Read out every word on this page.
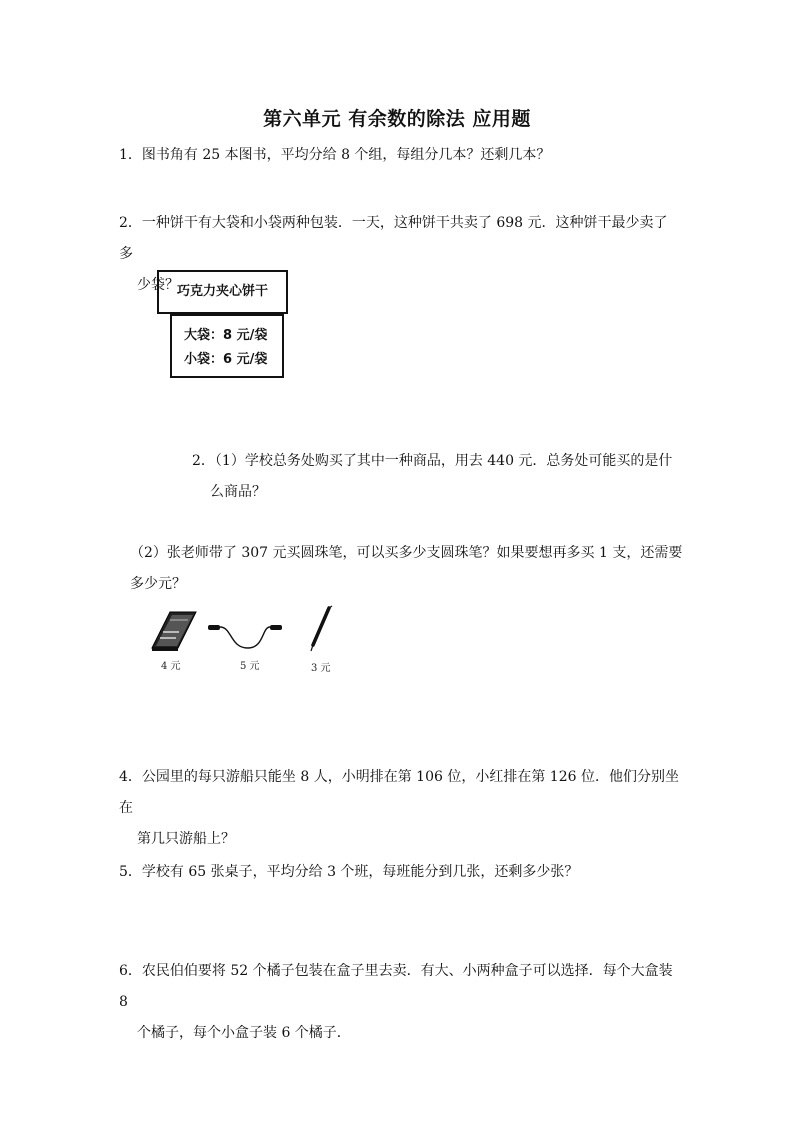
第六单元 有余数的除法 应用题
1．图书角有 25 本图书，平均分给 8 个组，每组分几本？还剩几本？
2．一种饼干有大袋和小袋两种包装．一天，这种饼干共卖了 698 元．这种饼干最少卖了多
少袋？
巧克力夹心饼干
大袋：8 元/袋
小袋：6 元/袋
2．（1）学校总务处购买了其中一种商品，用去 440 元．总务处可能买的是什
么商品？
（2）张老师带了 307 元买圆珠笔，可以买多少支圆珠笔？如果要想再多买 1 支，还需要
多少元？
4 元	5 元	3 元
4．公园里的每只游船只能坐 8 人，小明排在第 106 位，小红排在第 126 位．他们分别坐在
第几只游船上？
5．学校有 65 张桌子，平均分给 3 个班，每班能分到几张，还剩多少张？
6．农民伯伯要将 52 个橘子包装在盒子里去卖．有大、小两种盒子可以选择．每个大盒装 8
个橘子，每个小盒子装 6 个橘子．
